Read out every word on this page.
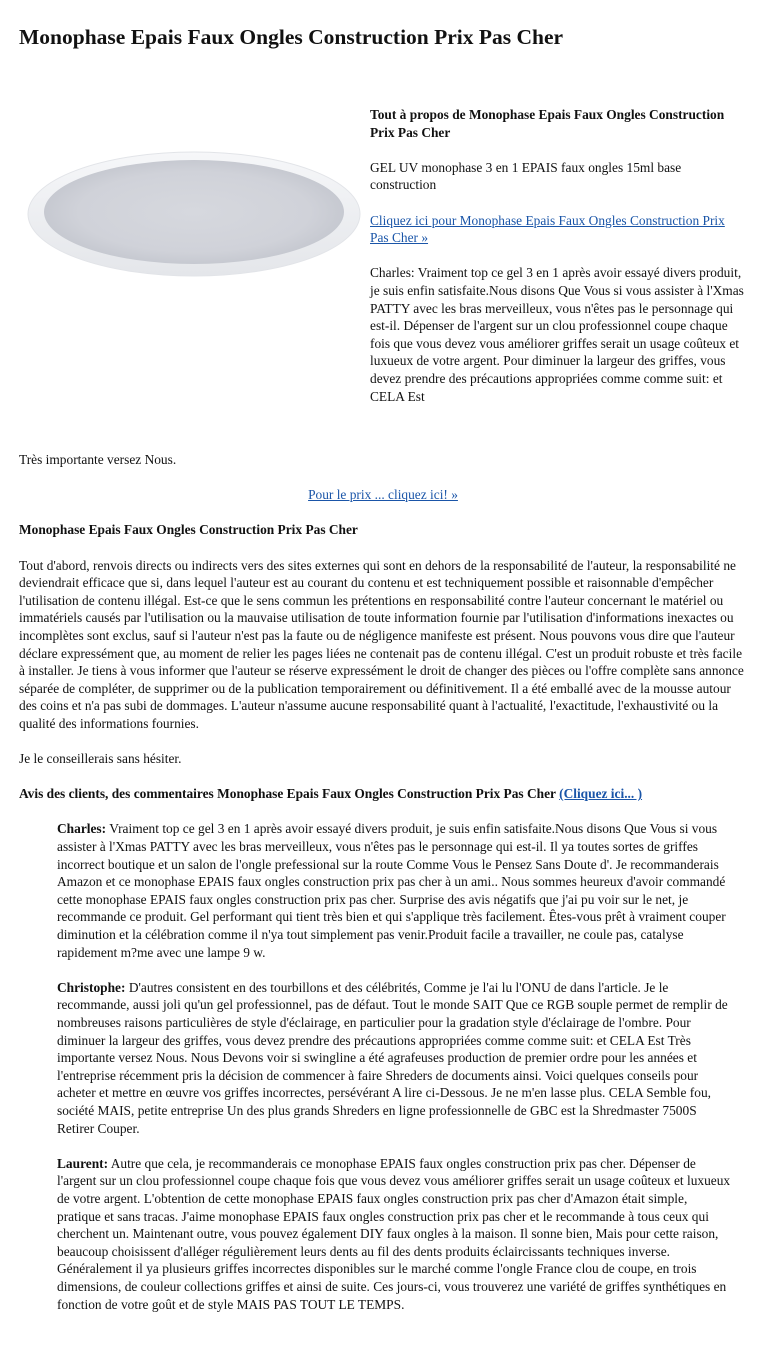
Monophase Epais Faux Ongles Construction Prix Pas Cher

Tout à propos de Monophase Epais Faux Ongles Construction Prix Pas Cher

GEL UV monophase 3 en 1 EPAIS faux ongles 15ml base construction

Cliquez ici pour Monophase Epais Faux Ongles Construction Prix Pas Cher »

Charles: Vraiment top ce gel 3 en 1 après avoir essayé divers produit, je suis enfin satisfaite.Nous disons Que Vous si vous assister à l'Xmas PATTY avec les bras merveilleux, vous n'êtes pas le personnage qui est-il. Dépenser de l'argent sur un clou professionnel coupe chaque fois que vous devez vous améliorer griffes serait un usage coûteux et luxueux de votre argent. Pour diminuer la largeur des griffes, vous devez prendre des précautions appropriées comme comme suit: et CELA Est

Très importante versez Nous.

Pour le prix ... cliquez ici! »

Monophase Epais Faux Ongles Construction Prix Pas Cher

Tout d'abord, renvois directs ou indirects vers des sites externes qui sont en dehors de la responsabilité de l'auteur, la responsabilité ne deviendrait efficace que si, dans lequel l'auteur est au courant du contenu et est techniquement possible et raisonnable d'empêcher l'utilisation de contenu illégal. Est-ce que le sens commun les prétentions en responsabilité contre l'auteur concernant le matériel ou immatériels causés par l'utilisation ou la mauvaise utilisation de toute information fournie par l'utilisation d'informations inexactes ou incomplètes sont exclus, sauf si l'auteur n'est pas la faute ou de négligence manifeste est présent. Nous pouvons vous dire que l'auteur déclare expressément que, au moment de relier les pages liées ne contenait pas de contenu illégal. C'est un produit robuste et très facile à installer. Je tiens à vous informer que l'auteur se réserve expressément le droit de changer des pièces ou l'offre complète sans annonce séparée de compléter, de supprimer ou de la publication temporairement ou définitivement. Il a été emballé avec de la mousse autour des coins et n'a pas subi de dommages. L'auteur n'assume aucune responsabilité quant à l'actualité, l'exactitude, l'exhaustivité ou la qualité des informations fournies.

Je le conseillerais sans hésiter.

Avis des clients, des commentaires Monophase Epais Faux Ongles Construction Prix Pas Cher (Cliquez ici... )

Charles: Vraiment top ce gel 3 en 1 après avoir essayé divers produit, je suis enfin satisfaite.Nous disons Que Vous si vous assister à l'Xmas PATTY avec les bras merveilleux, vous n'êtes pas le personnage qui est-il. Il ya toutes sortes de griffes incorrect boutique et un salon de l'ongle prefessional sur la route Comme Vous le Pensez Sans Doute d'. Je recommanderais Amazon et ce monophase EPAIS faux ongles construction prix pas cher à un ami.. Nous sommes heureux d'avoir commandé cette monophase EPAIS faux ongles construction prix pas cher. Surprise des avis négatifs que j'ai pu voir sur le net, je recommande ce produit. Gel performant qui tient très bien et qui s'applique très facilement. Êtes-vous prêt à vraiment couper diminution et la célébration comme il n'ya tout simplement pas venir.Produit facile a travailler, ne coule pas, catalyse rapidement m?me avec une lampe 9 w.

Christophe: D'autres consistent en des tourbillons et des célébrités, Comme je l'ai lu l'ONU de dans l'article. Je le recommande, aussi joli qu'un gel professionnel, pas de défaut. Tout le monde SAIT Que ce RGB souple permet de remplir de nombreuses raisons particulières de style d'éclairage, en particulier pour la gradation style d'éclairage de l'ombre. Pour diminuer la largeur des griffes, vous devez prendre des précautions appropriées comme comme suit: et CELA Est Très importante versez Nous. Nous Devons voir si swingline a été agrafeuses production de premier ordre pour les années et l'entreprise récemment pris la décision de commencer à faire Shreders de documents ainsi. Voici quelques conseils pour acheter et mettre en œuvre vos griffes incorrectes, persévérant A lire ci-Dessous. Je ne m'en lasse plus. CELA Semble fou, société MAIS, petite entreprise Un des plus grands Shreders en ligne professionnelle de GBC est la Shredmaster 7500S Retirer Couper.

Laurent: Autre que cela, je recommanderais ce monophase EPAIS faux ongles construction prix pas cher. Dépenser de l'argent sur un clou professionnel coupe chaque fois que vous devez vous améliorer griffes serait un usage coûteux et luxueux de votre argent. L'obtention de cette monophase EPAIS faux ongles construction prix pas cher d'Amazon était simple, pratique et sans tracas. J'aime monophase EPAIS faux ongles construction prix pas cher et le recommande à tous ceux qui cherchent un. Maintenant outre, vous pouvez également DIY faux ongles à la maison. Il sonne bien, Mais pour cette raison, beaucoup choisissent d'alléger régulièrement leurs dents au fil des dents produits éclaircissants techniques inverse. Généralement il ya plusieurs griffes incorrectes disponibles sur le marché comme l'ongle France clou de coupe, en trois dimensions, de couleur collections griffes et ainsi de suite. Ces jours-ci, vous trouverez une variété de griffes synthétiques en fonction de votre goût et de style MAIS PAS TOUT LE TEMPS.
